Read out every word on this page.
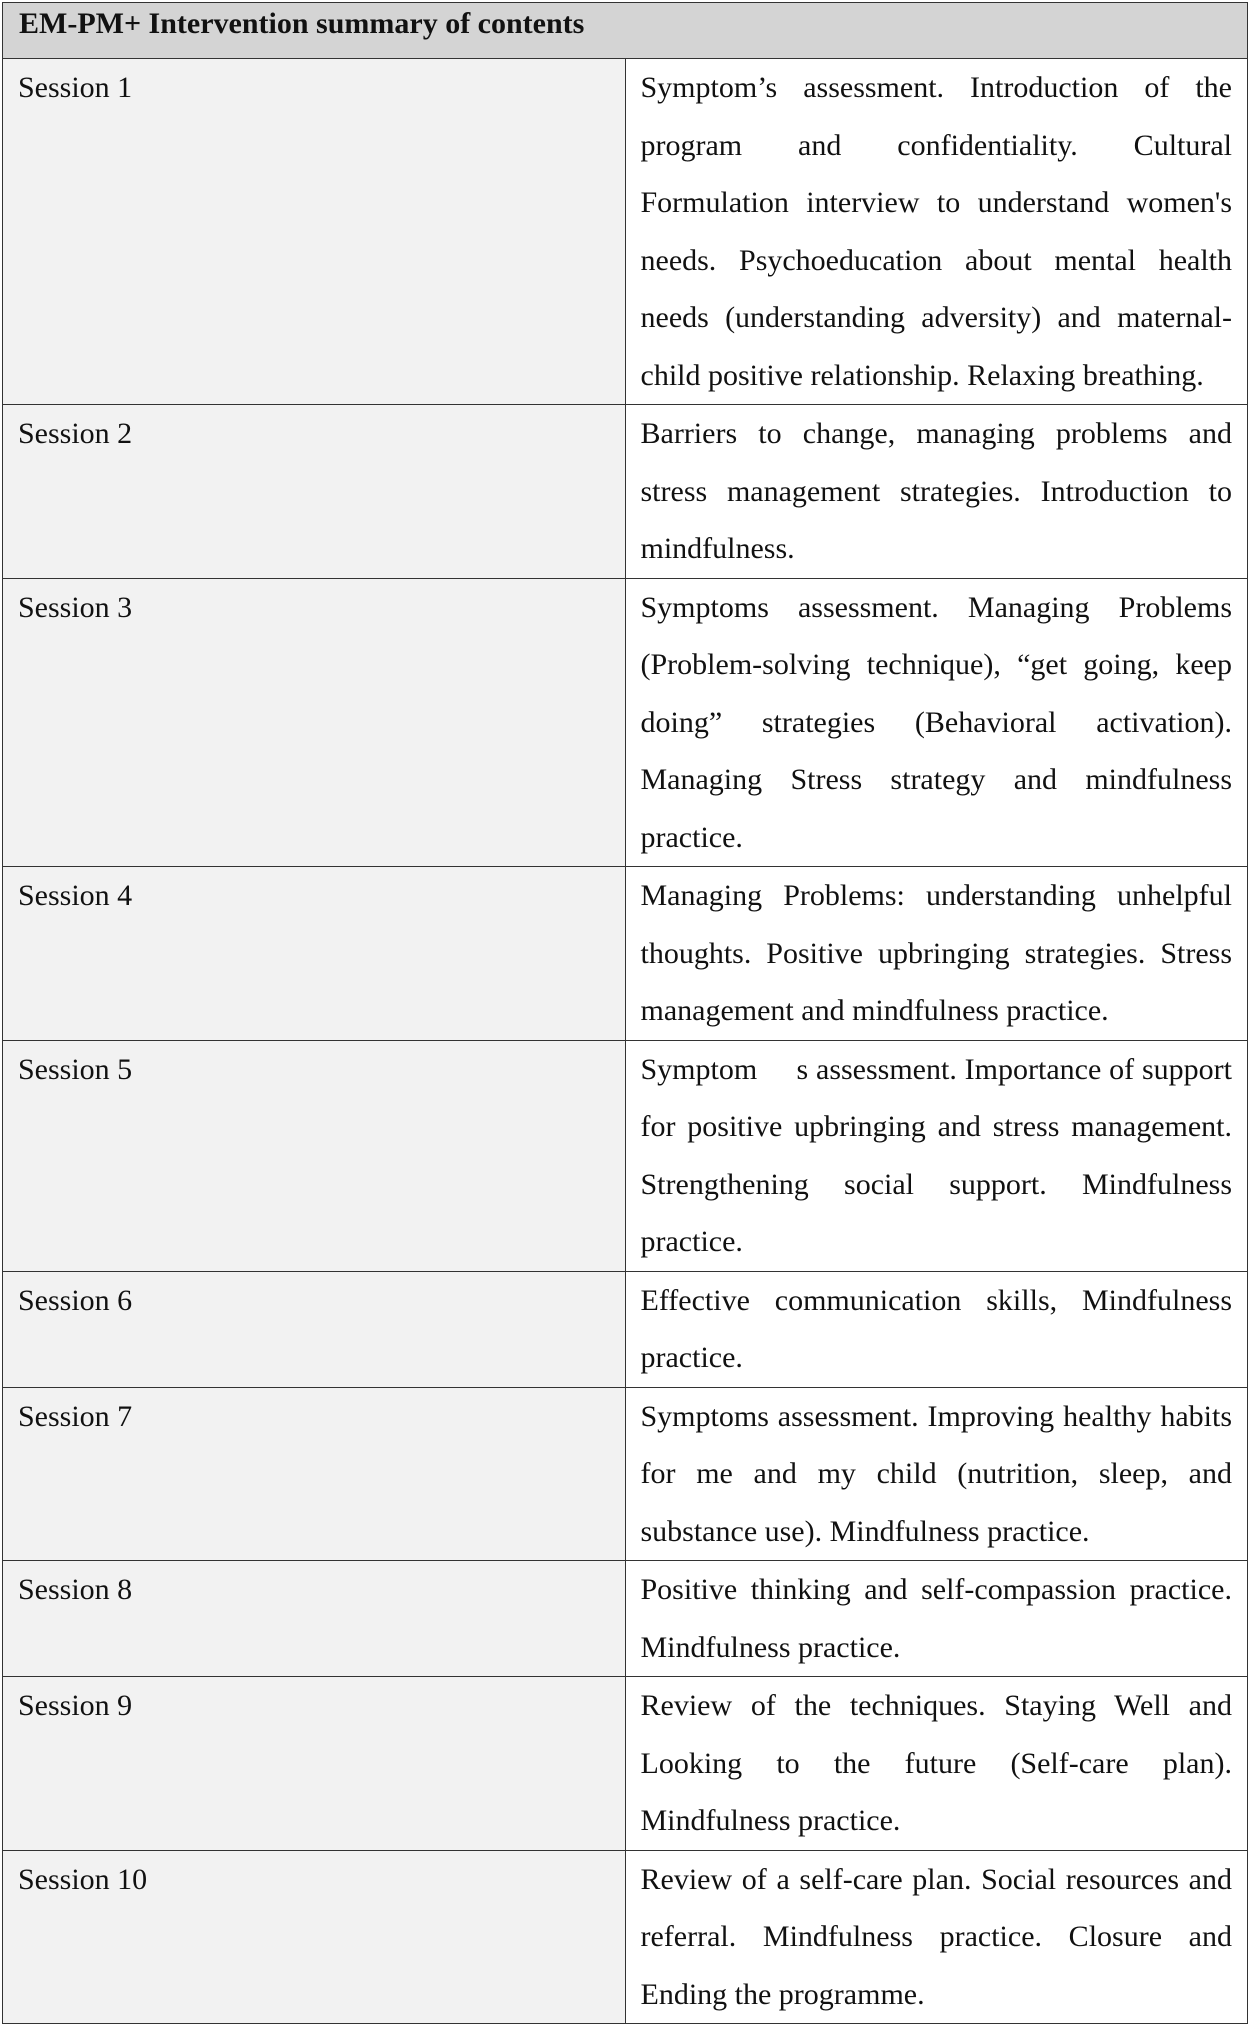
EM-PM+ Intervention summary of contents	
Session 1	Symptom’s assessment. Introduction of the program and confidentiality. Cultural Formulation interview to understand women's needs. Psychoeducation about mental health needs (understanding adversity) and maternal-child positive relationship. Relaxing breathing.
Session 2	Barriers to change, managing problems and stress management strategies. Introduction to mindfulness.
Session 3	Symptoms assessment. Managing Problems (Problem-solving technique), “get going, keep doing” strategies (Behavioral activation). Managing Stress strategy and mindfulness practice.
Session 4	Managing Problems: understanding unhelpful thoughts. Positive upbringing strategies. Stress management and mindfulness practice.
Session 5	Symptom     s assessment. Importance of support for positive upbringing and stress management. Strengthening social support. Mindfulness practice.
Session 6	Effective communication skills, Mindfulness practice.
Session 7	Symptoms assessment. Improving healthy habits for me and my child (nutrition, sleep, and substance use). Mindfulness practice.
Session 8	Positive thinking and self-compassion practice. Mindfulness practice.
Session 9	Review of the techniques. Staying Well and Looking to the future (Self-care plan). Mindfulness practice.
Session 10	Review of a self-care plan. Social resources and referral. Mindfulness practice. Closure and Ending the programme.
